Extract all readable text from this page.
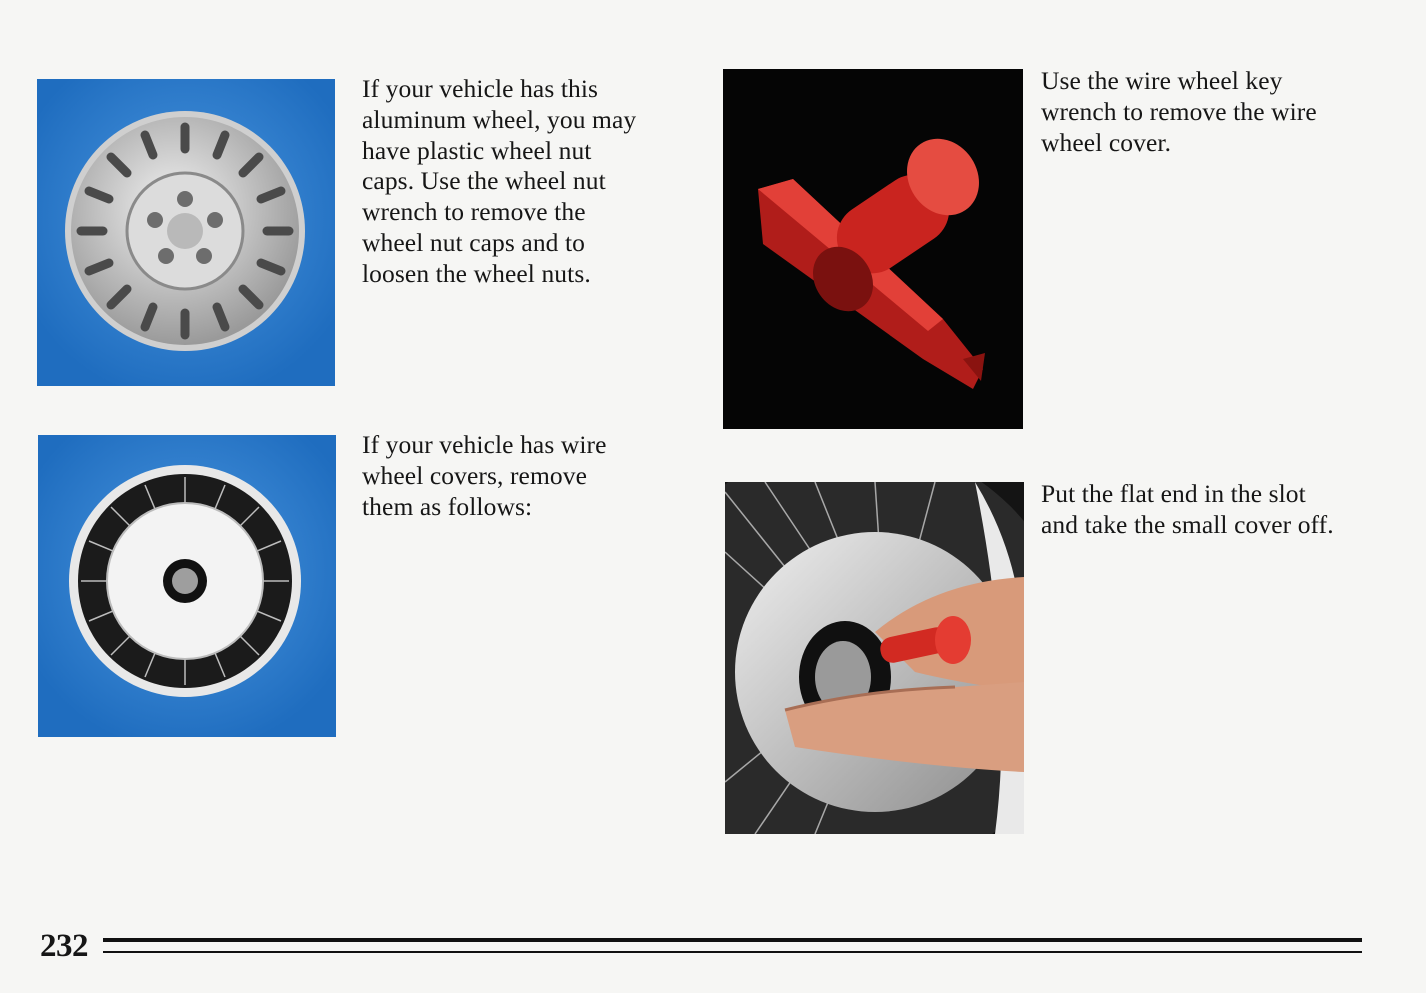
If your vehicle has this aluminum wheel, you may have plastic wheel nut caps. Use the wheel nut wrench to remove the wheel nut caps and to loosen the wheel nuts.

If your vehicle has wire wheel covers, remove them as follows:

Use the wire wheel key wrench to remove the wire wheel cover.

Put the flat end in the slot and take the small cover off.

232
